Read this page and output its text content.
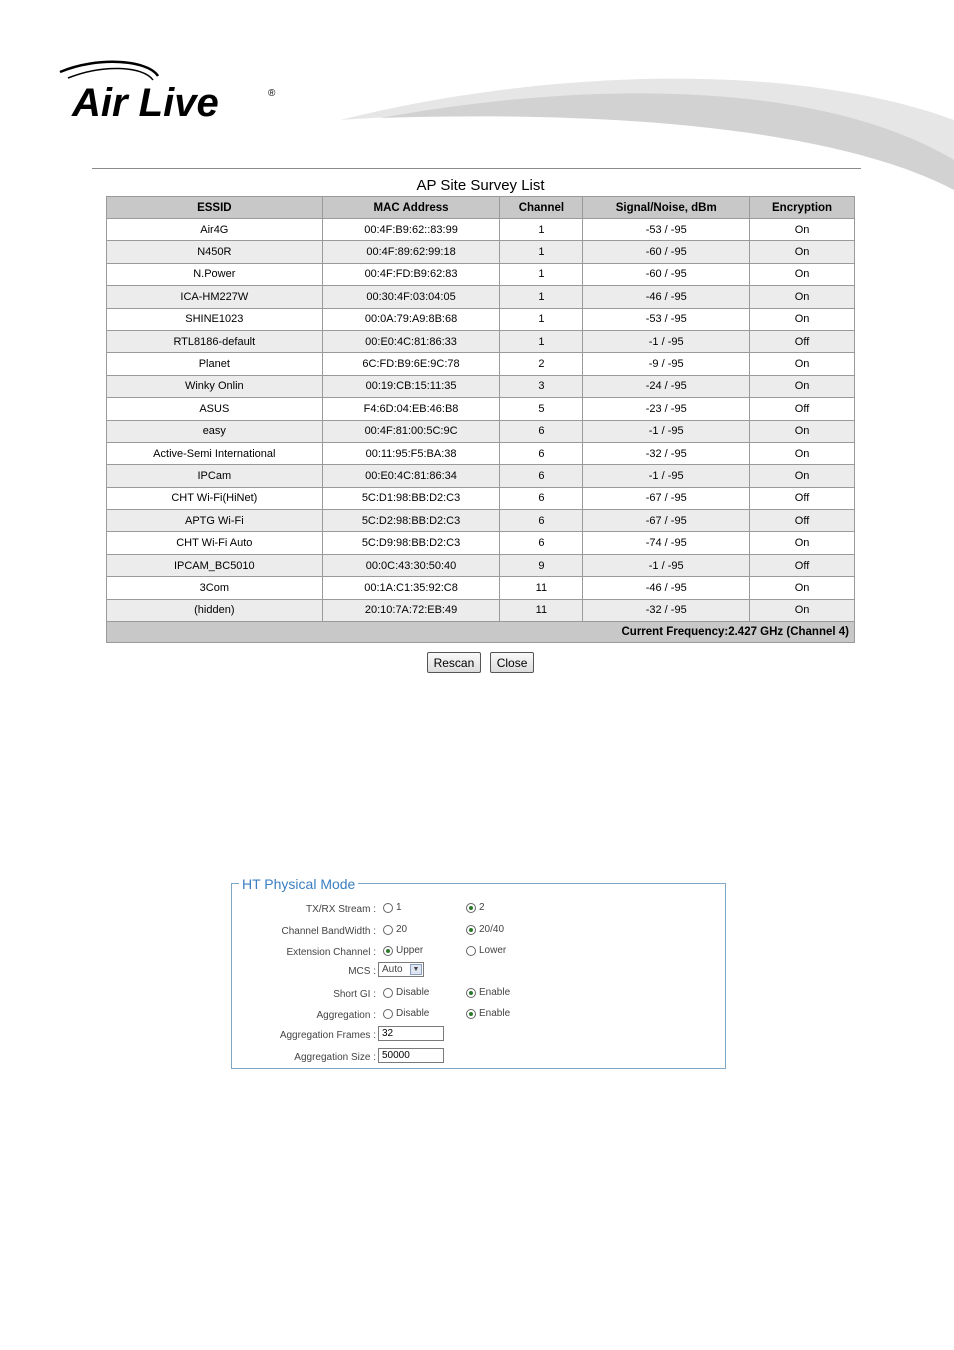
Air Live	®
AP Site Survey List
ESSID	MAC Address	Channel	Signal/Noise, dBm	Encryption
Air4G	00:4F:B9:62::83:99	1	-53 / -95	On
N450R	00:4F:89:62:99:18	1	-60 / -95	On
N.Power	00:4F:FD:B9:62:83	1	-60 / -95	On
ICA-HM227W	00:30:4F:03:04:05	1	-46 / -95	On
SHINE1023	00:0A:79:A9:8B:68	1	-53 / -95	On
RTL8186-default	00:E0:4C:81:86:33	1	-1 / -95	Off
Planet	6C:FD:B9:6E:9C:78	2	-9 / -95	On
Winky Onlin	00:19:CB:15:11:35	3	-24 / -95	On
ASUS	F4:6D:04:EB:46:B8	5	-23 / -95	Off
easy	00:4F:81:00:5C:9C	6	-1 / -95	On
Active-Semi International	00:11:95:F5:BA:38	6	-32 / -95	On
IPCam	00:E0:4C:81:86:34	6	-1 / -95	On
CHT Wi-Fi(HiNet)	5C:D1:98:BB:D2:C3	6	-67 / -95	Off
APTG Wi-Fi	5C:D2:98:BB:D2:C3	6	-67 / -95	Off
CHT Wi-Fi Auto	5C:D9:98:BB:D2:C3	6	-74 / -95	On
IPCAM_BC5010	00:0C:43:30:50:40	9	-1 / -95	Off
3Com	00:1A:C1:35:92:C8	11	-46 / -95	On
(hidden)	20:10:7A:72:EB:49	11	-32 / -95	On
Current Frequency:2.427 GHz (Channel 4)				
Rescan Close
HT Physical Mode
TX/RX Stream : 1	2
Channel BandWidth : 20	20/40
Extension Channel : Upper	Lower
MCS : Auto	▼
Short GI : Disable	Enable
Aggregation : Disable	Enable
Aggregation Frames :
32
Aggregation Size :
50000
